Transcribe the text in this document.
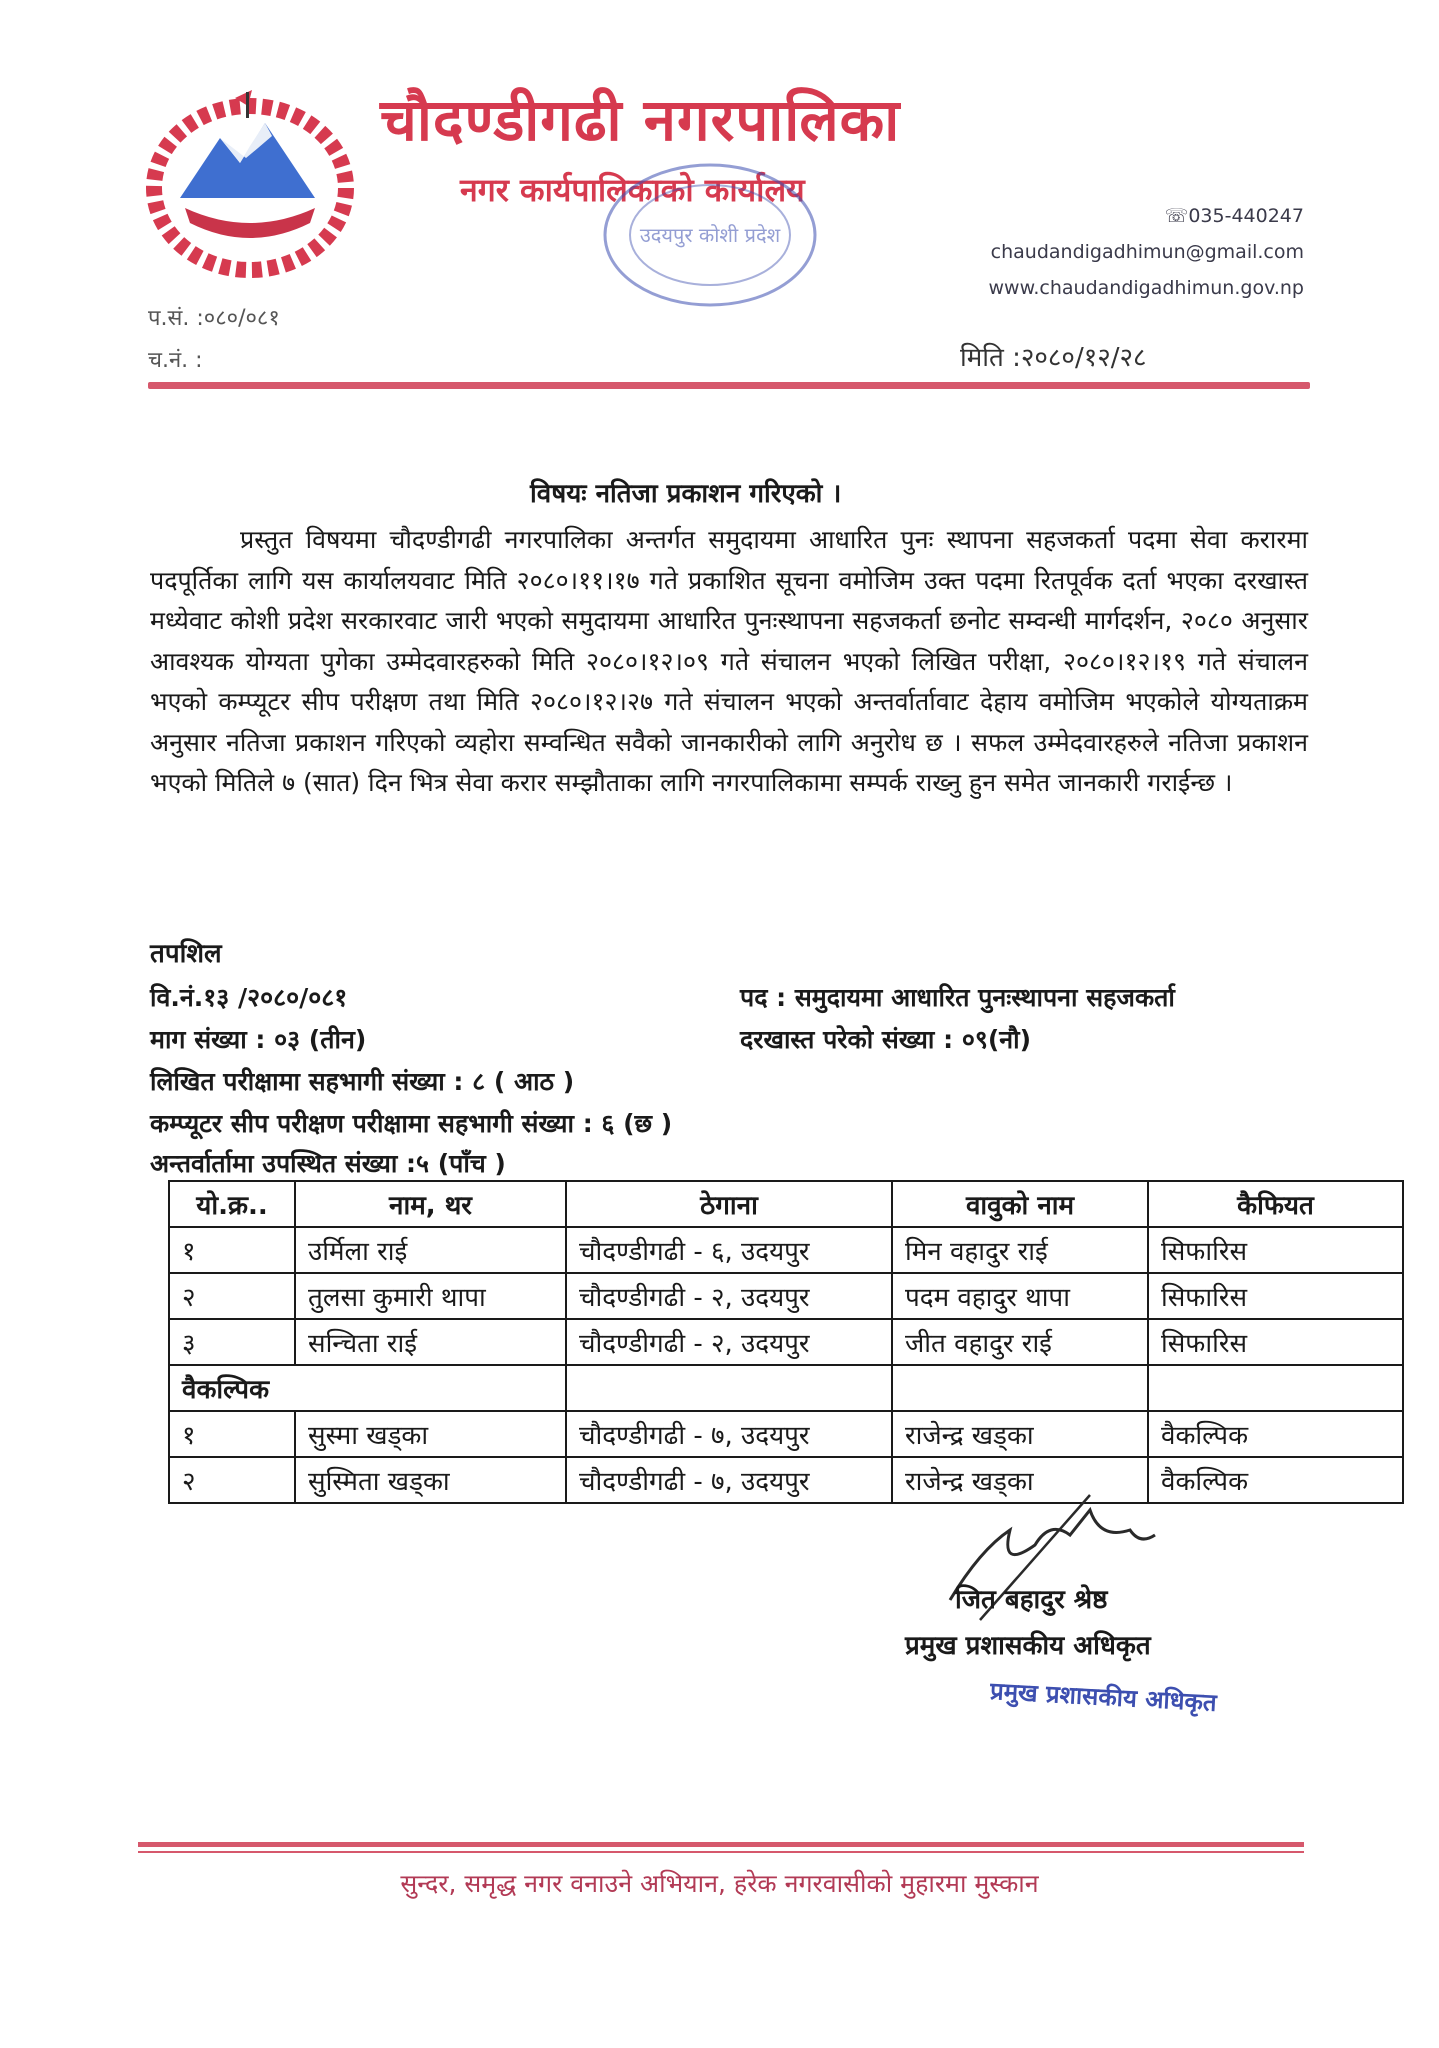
चौदण्डीगढी नगरपालिका
नगर कार्यपालिकाको कार्यालय
उदयपुर कोशी प्रदेश
☏035-440247
chaudandigadhimun@gmail.com
www.chaudandigadhimun.gov.np
प.सं. :०८०/०८१
च.नं. :	मिति :२०८०/१२/२८
विषयः नतिजा प्रकाशन गरिएको ।
प्रस्तुत विषयमा चौदण्डीगढी नगरपालिका अन्तर्गत समुदायमा आधारित पुनः स्थापना सहजकर्ता पदमा सेवा करारमा पदपूर्तिका लागि यस कार्यालयवाट मिति २०८०।११।१७ गते प्रकाशित सूचना वमोजिम उक्त पदमा रितपूर्वक दर्ता भएका दरखास्त मध्येवाट कोशी प्रदेश सरकारवाट जारी भएको समुदायमा आधारित पुनःस्थापना सहजकर्ता छनोट सम्वन्धी मार्गदर्शन, २०८० अनुसार आवश्यक योग्यता पुगेका उम्मेदवारहरुको मिति २०८०।१२।०९ गते संचालन भएको लिखित परीक्षा, २०८०।१२।१९ गते संचालन भएको कम्प्यूटर सीप परीक्षण तथा मिति २०८०।१२।२७ गते संचालन भएको अन्तर्वार्तावाट देहाय वमोजिम भएकोले योग्यताक्रम अनुसार नतिजा प्रकाशन गरिएको व्यहोरा सम्वन्धित सवैको जानकारीको लागि अनुरोध छ । सफल उम्मेदवारहरुले नतिजा प्रकाशन भएको मितिले ७ (सात) दिन भित्र सेवा करार सम्झौताका लागि नगरपालिकामा सम्पर्क राख्नु हुन समेत जानकारी गराईन्छ ।
तपशिल
वि.नं.१३ /२०८०/०८१	पद : समुदायमा आधारित पुनःस्थापना सहजकर्ता
माग संख्या : ०३ (तीन)	दरखास्त परेको संख्या : ०९(नौ)
लिखित परीक्षामा सहभागी संख्या : ८ ( आठ )
कम्प्यूटर सीप परीक्षण परीक्षामा सहभागी संख्या : ६ (छ )
अन्तर्वार्तामा उपस्थित संख्या :५ (पाँच )
यो.क्र..	नाम, थर	ठेगाना	वावुको नाम	कैफियत
१	उर्मिला राई	चौदण्डीगढी - ६, उदयपुर	मिन वहादुर राई	सिफारिस
२	तुलसा कुमारी थापा	चौदण्डीगढी - २, उदयपुर	पदम वहादुर थापा	सिफारिस
३	सन्चिता राई	चौदण्डीगढी - २, उदयपुर	जीत वहादुर राई	सिफारिस
वैकल्पिक				
१	सुस्मा खड्का	चौदण्डीगढी - ७, उदयपुर	राजेन्द्र खड्का	वैकल्पिक
२	सुस्मिता खड्का	चौदण्डीगढी - ७, उदयपुर	राजेन्द्र खड्का	वैकल्पिक
जित बहादुर श्रेष्ठ
प्रमुख प्रशासकीय अधिकृत
प्रमुख प्रशासकीय अधिकृत
सुन्दर, समृद्ध नगर वनाउने अभियान, हरेक नगरवासीको मुहारमा मुस्कान
